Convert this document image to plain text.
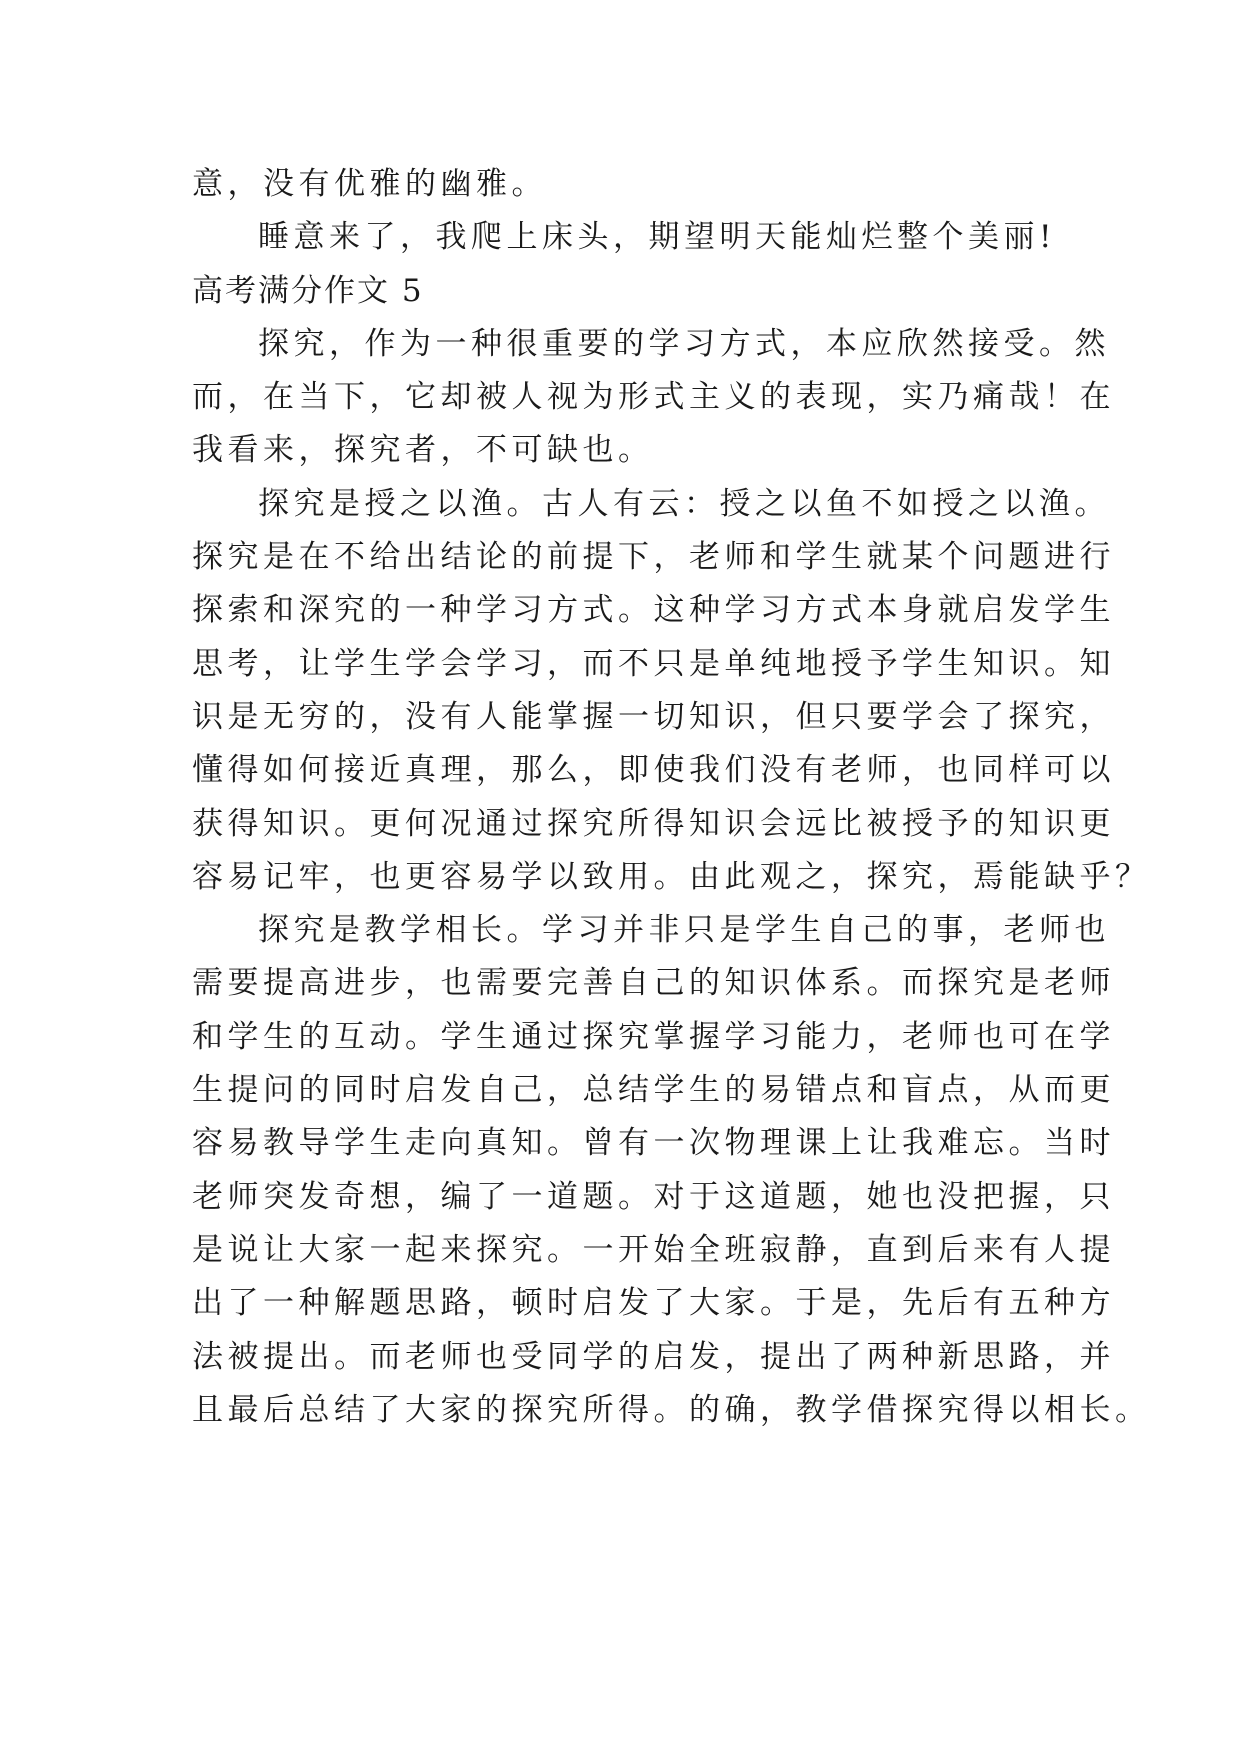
意，没有优雅的幽雅。
睡意来了，我爬上床头，期望明天能灿烂整个美丽!
高考满分作文 5
探究，作为一种很重要的学习方式，本应欣然接受。然
而，在当下，它却被人视为形式主义的表现，实乃痛哉！在
我看来，探究者，不可缺也。
探究是授之以渔。古人有云：授之以鱼不如授之以渔。
探究是在不给出结论的前提下，老师和学生就某个问题进行
探索和深究的一种学习方式。这种学习方式本身就启发学生
思考，让学生学会学习，而不只是单纯地授予学生知识。知
识是无穷的，没有人能掌握一切知识，但只要学会了探究，
懂得如何接近真理，那么，即使我们没有老师，也同样可以
获得知识。更何况通过探究所得知识会远比被授予的知识更
容易记牢，也更容易学以致用。由此观之，探究，焉能缺乎？
探究是教学相长。学习并非只是学生自己的事，老师也
需要提高进步，也需要完善自己的知识体系。而探究是老师
和学生的互动。学生通过探究掌握学习能力，老师也可在学
生提问的同时启发自己，总结学生的易错点和盲点，从而更
容易教导学生走向真知。曾有一次物理课上让我难忘。当时
老师突发奇想，编了一道题。对于这道题，她也没把握，只
是说让大家一起来探究。一开始全班寂静，直到后来有人提
出了一种解题思路，顿时启发了大家。于是，先后有五种方
法被提出。而老师也受同学的启发，提出了两种新思路，并
且最后总结了大家的探究所得。的确，教学借探究得以相长。
